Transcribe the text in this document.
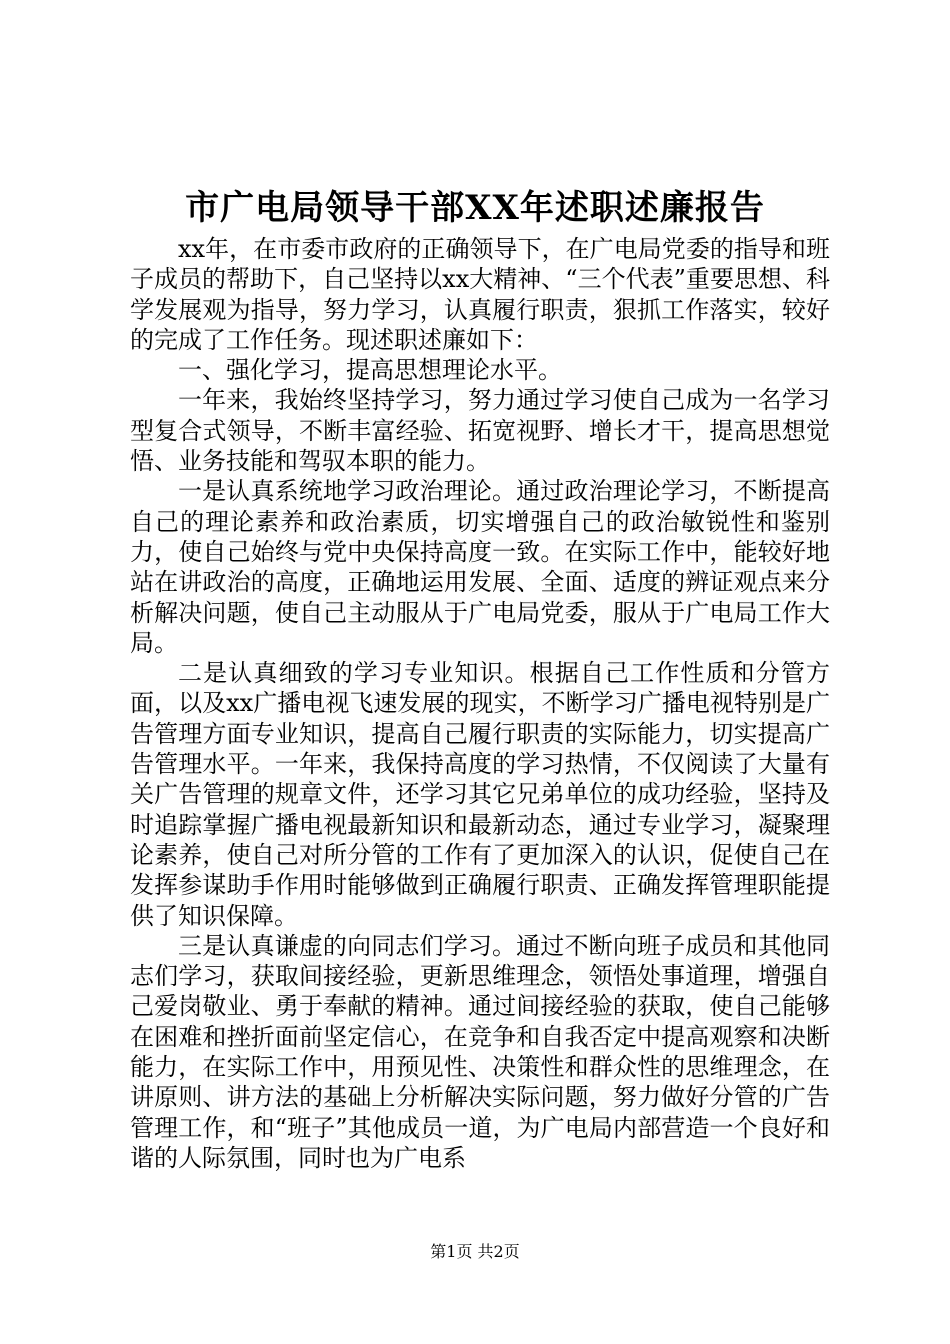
市广电局领导干部XX年述职述廉报告

xx年，在市委市政府的正确领导下，在广电局党委的指导和班子成员的帮助下，自己坚持以xx大精神、“三个代表”重要思想、科学发展观为指导，努力学习，认真履行职责，狠抓工作落实，较好的完成了工作任务。现述职述廉如下：

一、强化学习，提高思想理论水平。

一年来，我始终坚持学习，努力通过学习使自己成为一名学习型复合式领导，不断丰富经验、拓宽视野、增长才干，提高思想觉悟、业务技能和驾驭本职的能力。

一是认真系统地学习政治理论。通过政治理论学习，不断提高自己的理论素养和政治素质，切实增强自己的政治敏锐性和鉴别力，使自己始终与党中央保持高度一致。在实际工作中，能较好地站在讲政治的高度，正确地运用发展、全面、适度的辨证观点来分析解决问题，使自己主动服从于广电局党委，服从于广电局工作大局。

二是认真细致的学习专业知识。根据自己工作性质和分管方面，以及xx广播电视飞速发展的现实，不断学习广播电视特别是广告管理方面专业知识，提高自己履行职责的实际能力，切实提高广告管理水平。一年来，我保持高度的学习热情，不仅阅读了大量有关广告管理的规章文件，还学习其它兄弟单位的成功经验，坚持及时追踪掌握广播电视最新知识和最新动态，通过专业学习，凝聚理论素养，使自己对所分管的工作有了更加深入的认识，促使自己在发挥参谋助手作用时能够做到正确履行职责、正确发挥管理职能提供了知识保障。

三是认真谦虚的向同志们学习。通过不断向班子成员和其他同志们学习，获取间接经验，更新思维理念，领悟处事道理，增强自己爱岗敬业、勇于奉献的精神。通过间接经验的获取，使自己能够在困难和挫折面前坚定信心，在竞争和自我否定中提高观察和决断能力，在实际工作中，用预见性、决策性和群众性的思维理念，在讲原则、讲方法的基础上分析解决实际问题，努力做好分管的广告管理工作，和“班子”其他成员一道，为广电局内部营造一个良好和谐的人际氛围，同时也为广电系

第1页 共2页
